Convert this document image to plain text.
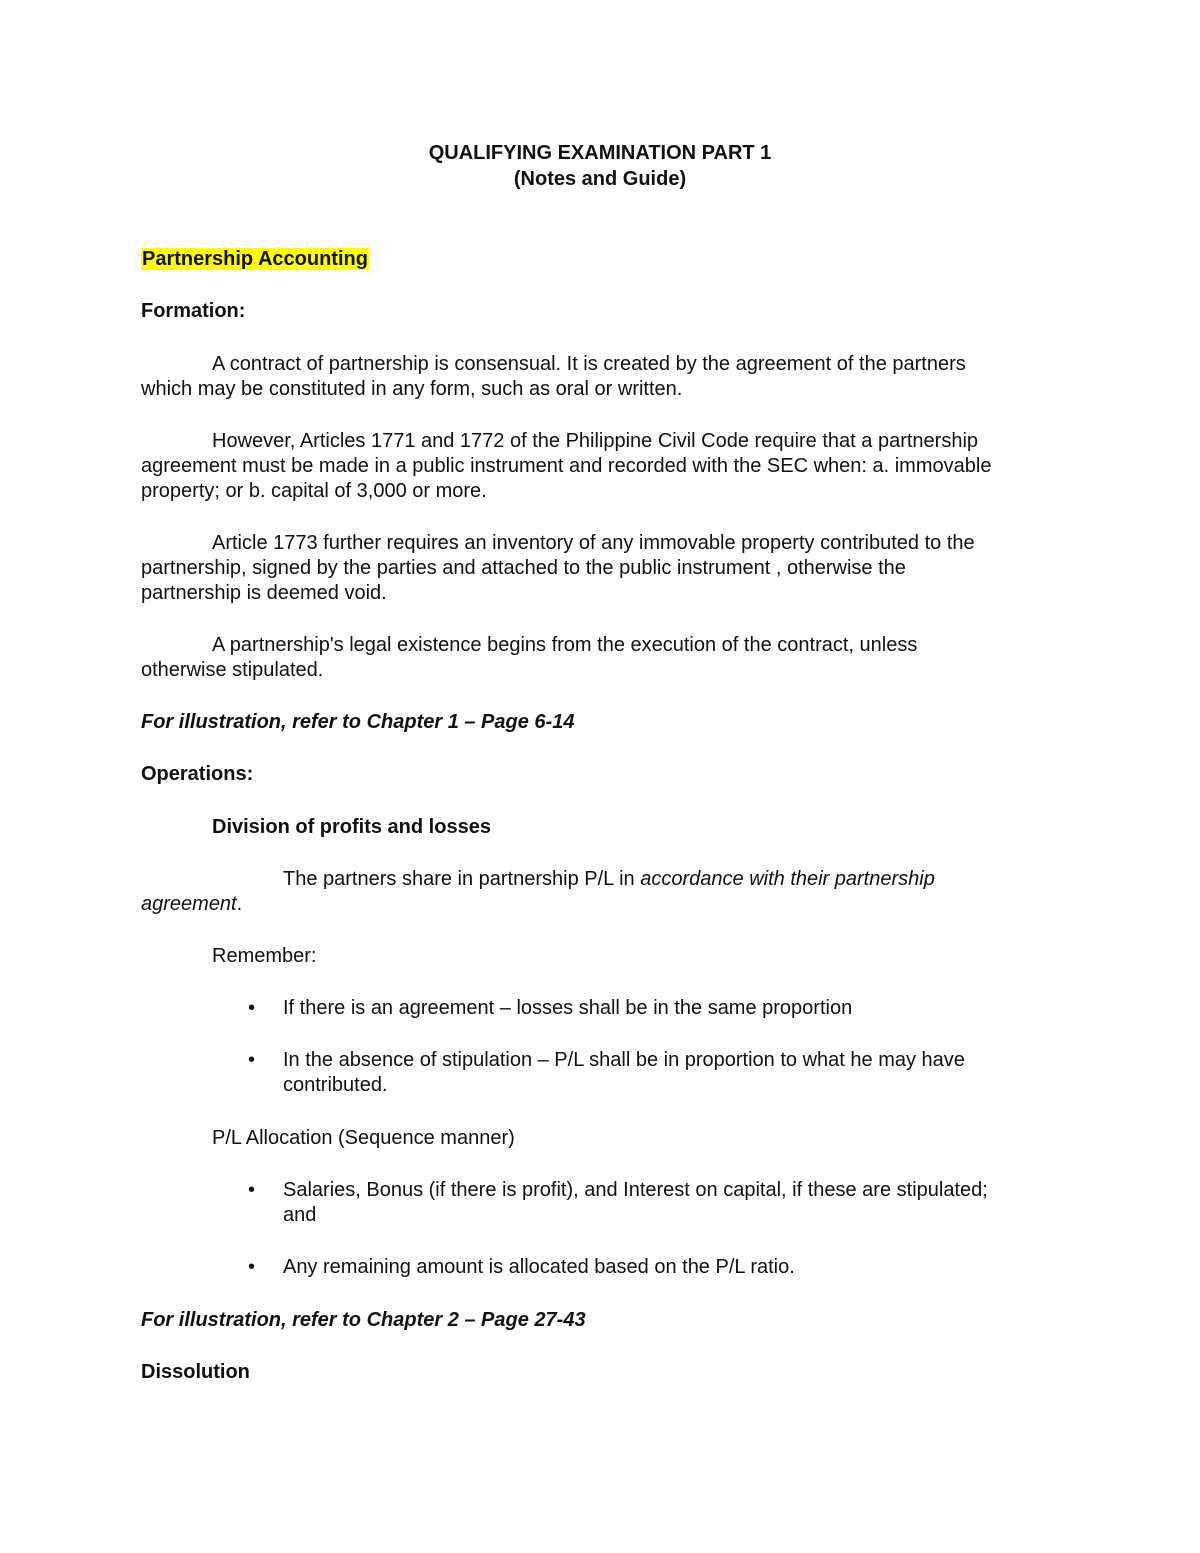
QUALIFYING EXAMINATION PART 1
(Notes and Guide)
Partnership Accounting
Formation:
A contract of partnership is consensual. It is created by the agreement of the partners
which may be constituted in any form, such as oral or written.
However, Articles 1771 and 1772 of the Philippine Civil Code require that a partnership
agreement must be made in a public instrument and recorded with the SEC when: a. immovable
property; or b. capital of 3,000 or more.
Article 1773 further requires an inventory of any immovable property contributed to the
partnership, signed by the parties and attached to the public instrument , otherwise the
partnership is deemed void.
A partnership's legal existence begins from the execution of the contract, unless
otherwise stipulated.
For illustration, refer to Chapter 1 – Page 6-14
Operations:
Division of profits and losses
The partners share in partnership P/L in accordance with their partnership
agreement.
Remember:
•
If there is an agreement – losses shall be in the same proportion
•
In the absence of stipulation – P/L shall be in proportion to what he may have
contributed.
P/L Allocation (Sequence manner)
•
Salaries, Bonus (if there is profit), and Interest on capital, if these are stipulated;
and
•
Any remaining amount is allocated based on the P/L ratio.
For illustration, refer to Chapter 2 – Page 27-43
Dissolution
